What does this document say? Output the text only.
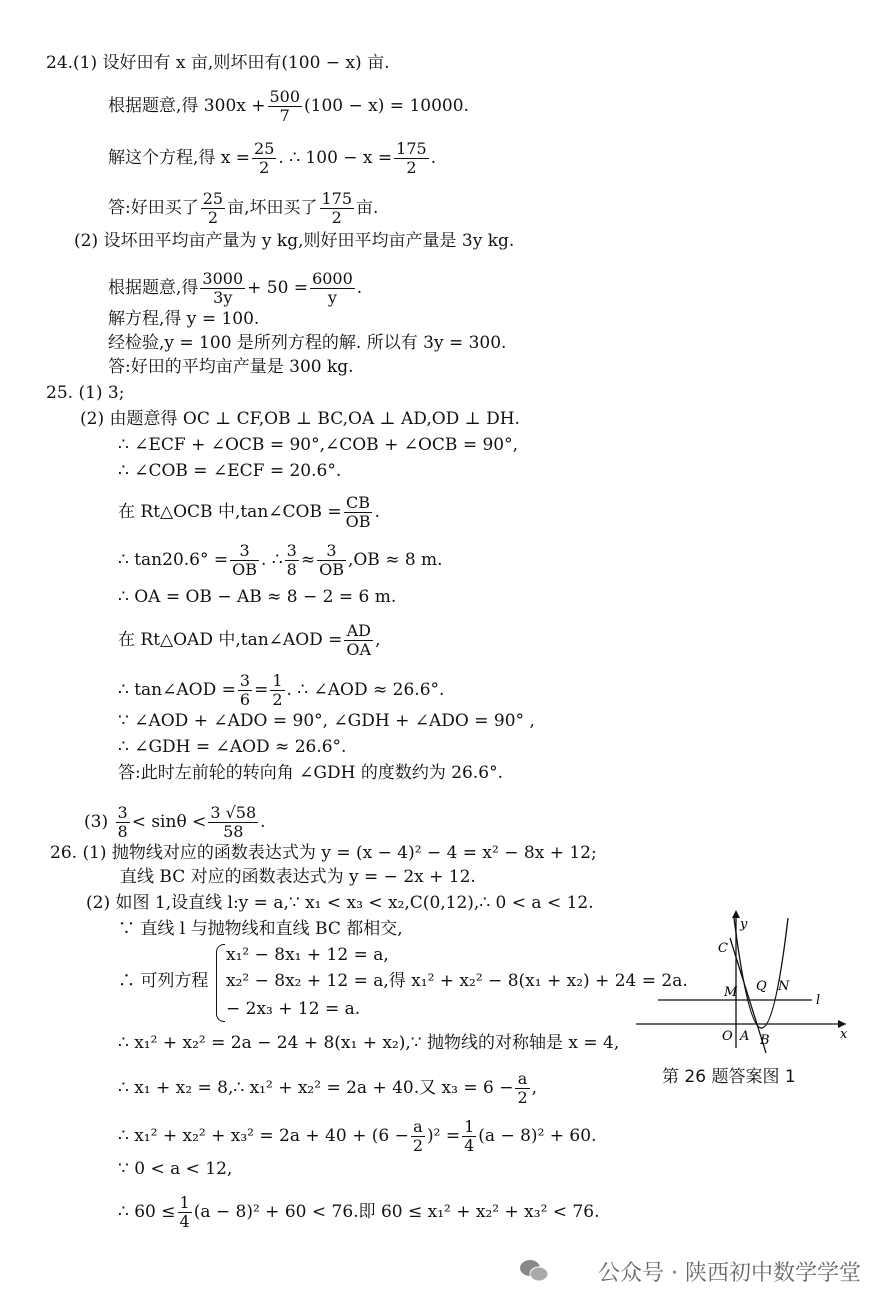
24.(1) 设好田有 x 亩,则坏田有(100 − x) 亩.
根据题意,得 $300x + \frac{500}{7} (100 - x) = 10000$.
解这个方程,得 $x = \frac{25}{2}$ . ∴ $100 - x = \frac{175}{2}$ .
答:好田买了 $\frac{25}{2}$ 亩,坏田买了 $\frac{175}{2}$ 亩.
(2) 设坏田平均亩产量为 y kg,则好田平均亩产量是 3y kg.
根据题意,得 $\frac{3000}{3y} + 50 = \frac{6000}{y}$ .
解方程,得 y = 100.
经检验,y = 100 是所列方程的解. 所以有 3y = 300.
答:好田的平均亩产量是 300 kg.
25. (1) 3;
(2) 由题意得 OC ⊥ CF,OB ⊥ BC,OA ⊥ AD,OD ⊥ DH.
∴ ∠ECF + ∠OCB = 90°,∠COB + ∠OCB = 90°,
∴ ∠COB = ∠ECF = 20.6°.
在 Rt△OCB 中,tan∠COB = $\frac{CB}{OB}$ .
∴ $\tan 20.6^\circ = \frac{3}{OB}$ . ∴ $\frac{3}{8} \approx \frac{3}{OB} ,OB \approx 8$ m.
∴ OA = OB − AB ≈ 8 − 2 = 6 m.
在 Rt△OAD 中,tan∠AOD = $\frac{AD}{OA}$ ,
∴ tan∠AOD = $\frac{3}{6} = \frac{1}{2}$ . ∴ ∠AOD ≈ 26.6°.
∵ ∠AOD + ∠ADO = 90°, ∠GDH + ∠ADO = 90° ,
∴ ∠GDH = ∠AOD ≈ 26.6°.
答:此时左前轮的转向角 ∠GDH 的度数约为 26.6°.
$(3) \frac{3}{8} < \sin\theta < \frac{3 √58}{58}$ .
26. (1) 抛物线对应的函数表达式为 y = (x − 4)² − 4 = x² − 8x + 12;
直线 BC 对应的函数表达式为 y = − 2x + 12.
(2) 如图 1,设直线 l:y = a,∵ x₁ < x₃ < x₂,C(0,12),∴ 0 < a < 12.
∵ 直线 l 与抛物线和直线 BC 都相交,
∴ 可列方程
x₁² − 8x₁ + 12 = a,
x₂² − 8x₂ + 12 = a,得 x₁² + x₂² − 8(x₁ + x₂) + 24 = 2a.
− 2x₃ + 12 = a.
∴ x₁² + x₂² = 2a − 24 + 8(x₁ + x₂),∵ 抛物线的对称轴是 x = 4,
∴ x₁ + x₂ = 8,∴ x₁² + x₂² = 2a + 40.又 $x_3 = 6 - \frac{a}{2}$ ,
∴ $x_1^2 + x_2^2 + x_3^2 = 2a + 40 + (6 - \frac{a}{2} )^2 = \frac{1}{4} (a - 8)^2 + 60$.
∵ 0 < a < 12,
∴ $60 \le \frac{1}{4} (a - 8)^2 + 60 < 76$.即 60 ≤ x₁² + x₂² + x₃² < 76.
y
x
C
M Q N
l
O A B
第 26 题答案图 1
公众号 · 陕西初中数学学堂
